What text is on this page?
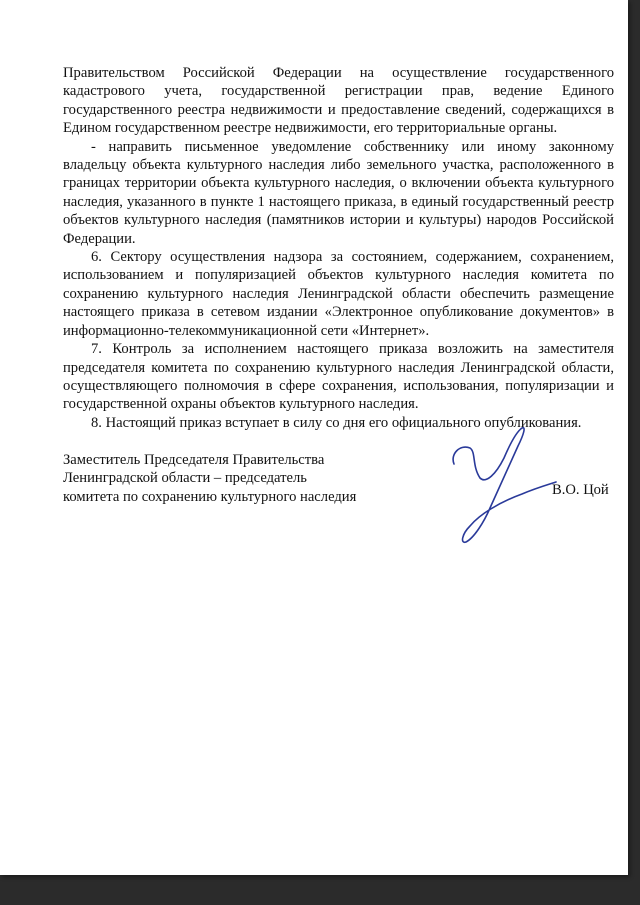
Правительством Российской Федерации на осуществление государственного кадастрового учета, государственной регистрации прав, ведение Единого государственного реестра недвижимости и предоставление сведений, содержащихся в Едином государственном реестре недвижимости, его территориальные органы.

- направить письменное уведомление собственнику или иному законному владельцу объекта культурного наследия либо земельного участка, расположенного в границах территории объекта культурного наследия, о включении объекта культурного наследия, указанного в пункте 1 настоящего приказа, в единый государственный реестр объектов культурного наследия (памятников истории и культуры) народов Российской Федерации.

6. Сектору осуществления надзора за состоянием, содержанием, сохранением, использованием и популяризацией объектов культурного наследия комитета по сохранению культурного наследия Ленинградской области обеспечить размещение настоящего приказа в сетевом издании «Электронное опубликование документов» в информационно-телекоммуникационной сети «Интернет».

7. Контроль за исполнением настоящего приказа возложить на заместителя председателя комитета по сохранению культурного наследия Ленинградской области, осуществляющего полномочия в сфере сохранения, использования, популяризации и государственной охраны объектов культурного наследия.

8. Настоящий приказ вступает в силу со дня его официального опубликования.

Заместитель Председателя Правительства
Ленинградской области – председатель
комитета по сохранению культурного наследия	В.О. Цой
